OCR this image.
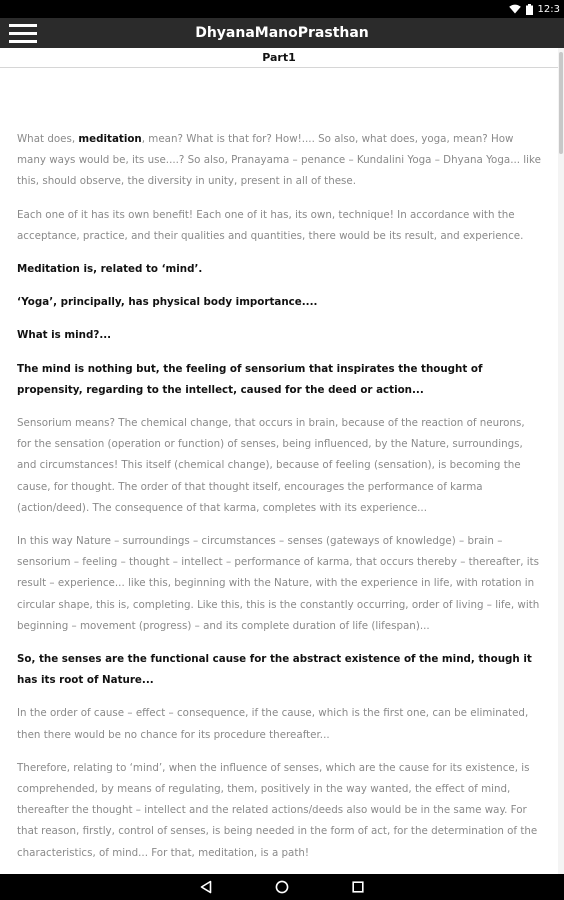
12:3
DhyanaManoPrasthan
Part1
What does, meditation, mean? What is that for? How!.... So also, what does, yoga, mean? How many ways would be, its use....? So also, Pranayama – penance – Kundalini Yoga – Dhyana Yoga... like this, should observe, the diversity in unity, present in all of these.
Each one of it has its own benefit! Each one of it has, its own, technique! In accordance with the acceptance, practice, and their qualities and quantities, there would be its result, and experience.
Meditation is, related to ‘mind’.
‘Yoga’, principally, has physical body importance....
What is mind?...
The mind is nothing but, the feeling of sensorium that inspirates the thought of propensity, regarding to the intellect, caused for the deed or action...
Sensorium means? The chemical change, that occurs in brain, because of the reaction of neurons, for the sensation (operation or function) of senses, being influenced, by the Nature, surroundings, and circumstances! This itself (chemical change), because of feeling (sensation), is becoming the cause, for thought. The order of that thought itself, encourages the performance of karma (action/deed). The consequence of that karma, completes with its experience...
In this way Nature – surroundings – circumstances – senses (gateways of knowledge) – brain – sensorium – feeling – thought – intellect – performance of karma, that occurs thereby – thereafter, its result – experience... like this, beginning with the Nature, with the experience in life, with rotation in circular shape, this is, completing. Like this, this is the constantly occurring, order of living – life, with beginning – movement (progress) – and its complete duration of life (lifespan)...
So, the senses are the functional cause for the abstract existence of the mind, though it has its root of Nature...
In the order of cause – effect – consequence, if the cause, which is the first one, can be eliminated, then there would be no chance for its procedure thereafter...
Therefore, relating to ‘mind’, when the influence of senses, which are the cause for its existence, is comprehended, by means of regulating, them, positively in the way wanted, the effect of mind, thereafter the thought – intellect and the related actions/deeds also would be in the same way. For that reason, firstly, control of senses, is being needed in the form of act, for the determination of the characteristics, of mind... For that, meditation, is a path!
